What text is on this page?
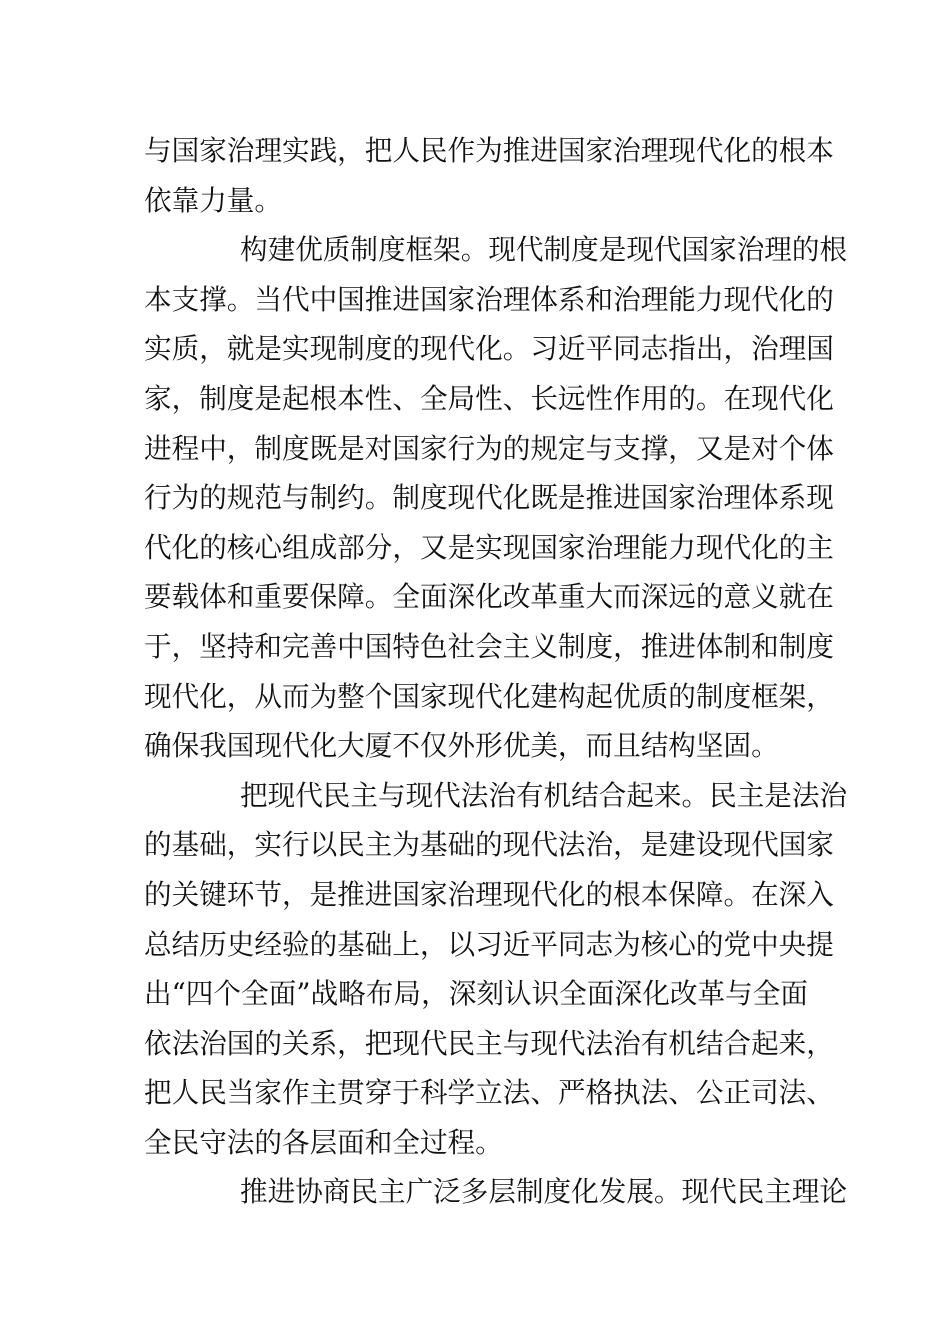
与国家治理实践，把人民作为推进国家治理现代化的根本
依靠力量。
构建优质制度框架。现代制度是现代国家治理的根
本支撑。当代中国推进国家治理体系和治理能力现代化的
实质，就是实现制度的现代化。习近平同志指出，治理国
家，制度是起根本性、全局性、长远性作用的。在现代化
进程中，制度既是对国家行为的规定与支撑，又是对个体
行为的规范与制约。制度现代化既是推进国家治理体系现
代化的核心组成部分，又是实现国家治理能力现代化的主
要载体和重要保障。全面深化改革重大而深远的意义就在
于，坚持和完善中国特色社会主义制度，推进体制和制度
现代化，从而为整个国家现代化建构起优质的制度框架，
确保我国现代化大厦不仅外形优美，而且结构坚固。
把现代民主与现代法治有机结合起来。民主是法治
的基础，实行以民主为基础的现代法治，是建设现代国家
的关键环节，是推进国家治理现代化的根本保障。在深入
总结历史经验的基础上，以习近平同志为核心的党中央提
出“四个全面”战略布局，深刻认识全面深化改革与全面
依法治国的关系，把现代民主与现代法治有机结合起来，
把人民当家作主贯穿于科学立法、严格执法、公正司法、
全民守法的各层面和全过程。
推进协商民主广泛多层制度化发展。现代民主理论
